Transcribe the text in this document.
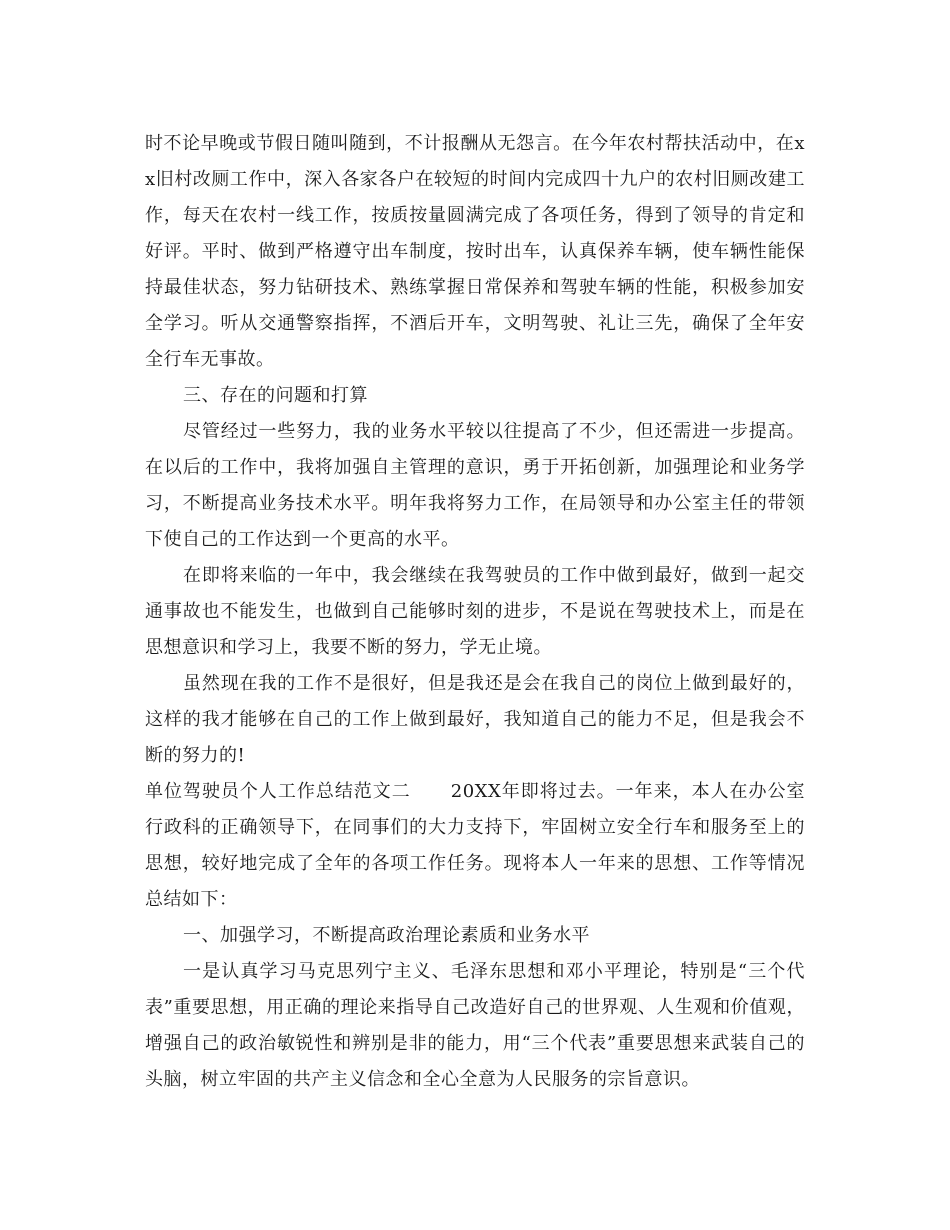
时不论早晚或节假日随叫随到，不计报酬从无怨言。在今年农村帮扶活动中，在xx旧村改厕工作中，深入各家各户在较短的时间内完成四十九户的农村旧厕改建工作，每天在农村一线工作，按质按量圆满完成了各项任务，得到了领导的肯定和好评。平时、做到严格遵守出车制度，按时出车，认真保养车辆，使车辆性能保持最佳状态，努力钻研技术、熟练掌握日常保养和驾驶车辆的性能，积极参加安全学习。听从交通警察指挥，不酒后开车，文明驾驶、礼让三先，确保了全年安全行车无事故。

三、存在的问题和打算

尽管经过一些努力，我的业务水平较以往提高了不少，但还需进一步提高。在以后的工作中，我将加强自主管理的意识，勇于开拓创新，加强理论和业务学习，不断提高业务技术水平。明年我将努力工作，在局领导和办公室主任的带领下使自己的工作达到一个更高的水平。

在即将来临的一年中，我会继续在我驾驶员的工作中做到最好，做到一起交通事故也不能发生，也做到自己能够时刻的进步，不是说在驾驶技术上，而是在思想意识和学习上，我要不断的努力，学无止境。

虽然现在我的工作不是很好，但是我还是会在我自己的岗位上做到最好的，这样的我才能够在自己的工作上做到最好，我知道自己的能力不足，但是我会不断的努力的!

单位驾驶员个人工作总结范文二 20XX年即将过去。一年来，本人在办公室行政科的正确领导下，在同事们的大力支持下，牢固树立安全行车和服务至上的思想，较好地完成了全年的各项工作任务。现将本人一年来的思想、工作等情况总结如下：

一、加强学习，不断提高政治理论素质和业务水平

一是认真学习马克思列宁主义、毛泽东思想和邓小平理论，特别是“三个代表”重要思想，用正确的理论来指导自己改造好自己的世界观、人生观和价值观，增强自己的政治敏锐性和辨别是非的能力，用“三个代表”重要思想来武装自己的头脑，树立牢固的共产主义信念和全心全意为人民服务的宗旨意识。
